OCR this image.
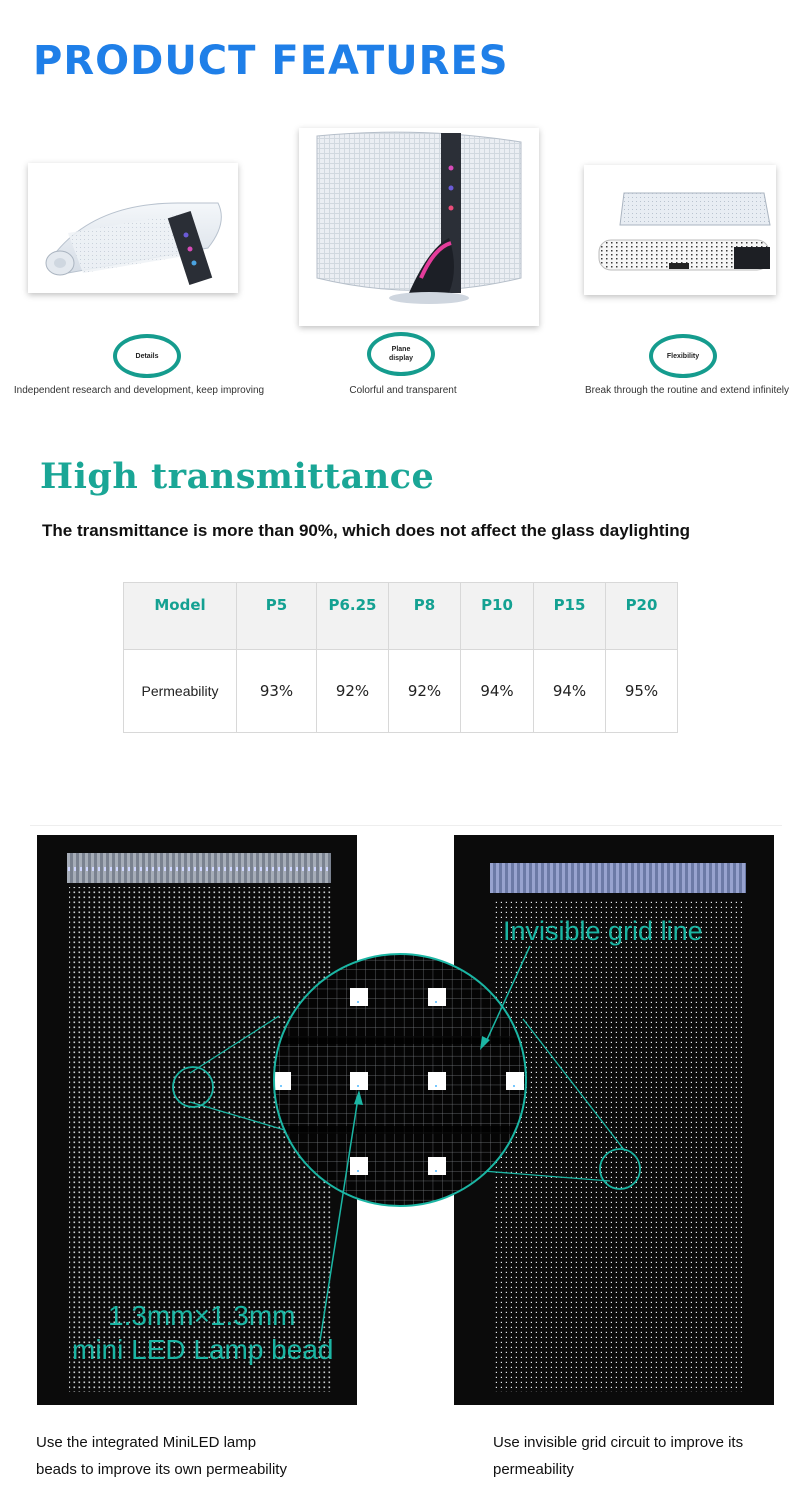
PRODUCT FEATURES
Details
Independent research and development, keep improving
Plane
display
Colorful and transparent
Flexibility
Break through the routine and extend infinitely
High transmittance
The transmittance is more than 90%, which does not affect the glass daylighting
Model	P5	P6.25	P8	P10	P15	P20

Permeability	93%	92%	92%	94%	94%	95%
Invisible grid line
1.3mm×1.3mm
mini LED Lamp bead
Use the integrated MiniLED lamp
beads to improve its own permeability
Use invisible grid circuit to improve its
permeability
